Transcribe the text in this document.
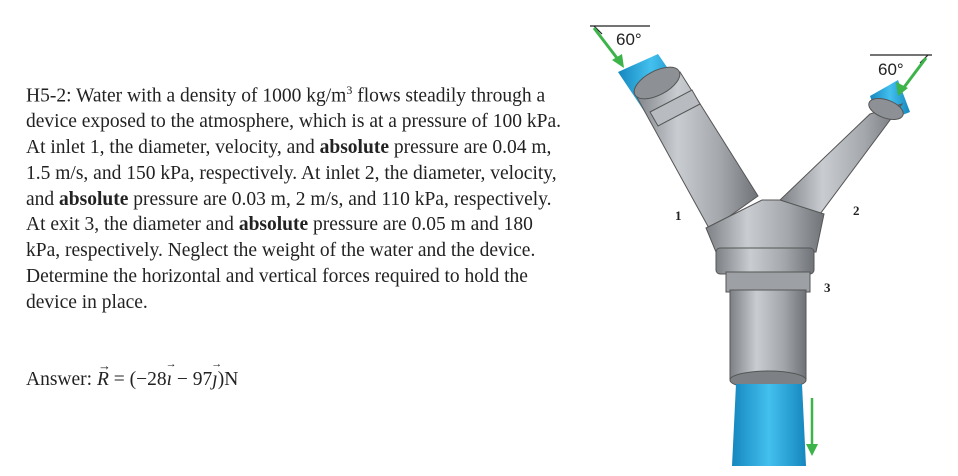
H5-2: Water with a density of 1000 $kg/m^3$ flows steadily through a device exposed to the atmosphere, which is at a pressure of 100 kPa. At inlet 1, the diameter, velocity, and absolute pressure are 0.04 m, 1.5 m/s, and 150 kPa, respectively. At inlet 2, the diameter, velocity, and absolute pressure are 0.03 m, 2 m/s, and 110 kPa, respectively. At exit 3, the diameter and absolute pressure are 0.05 m and 180 kPa, respectively. Neglect the weight of the water and the device. Determine the horizontal and vertical forces required to hold the device in place.
Answer: R
→
= (−28ı
→
− 97ȷ
→
)N
60°
60°
1	2
3
